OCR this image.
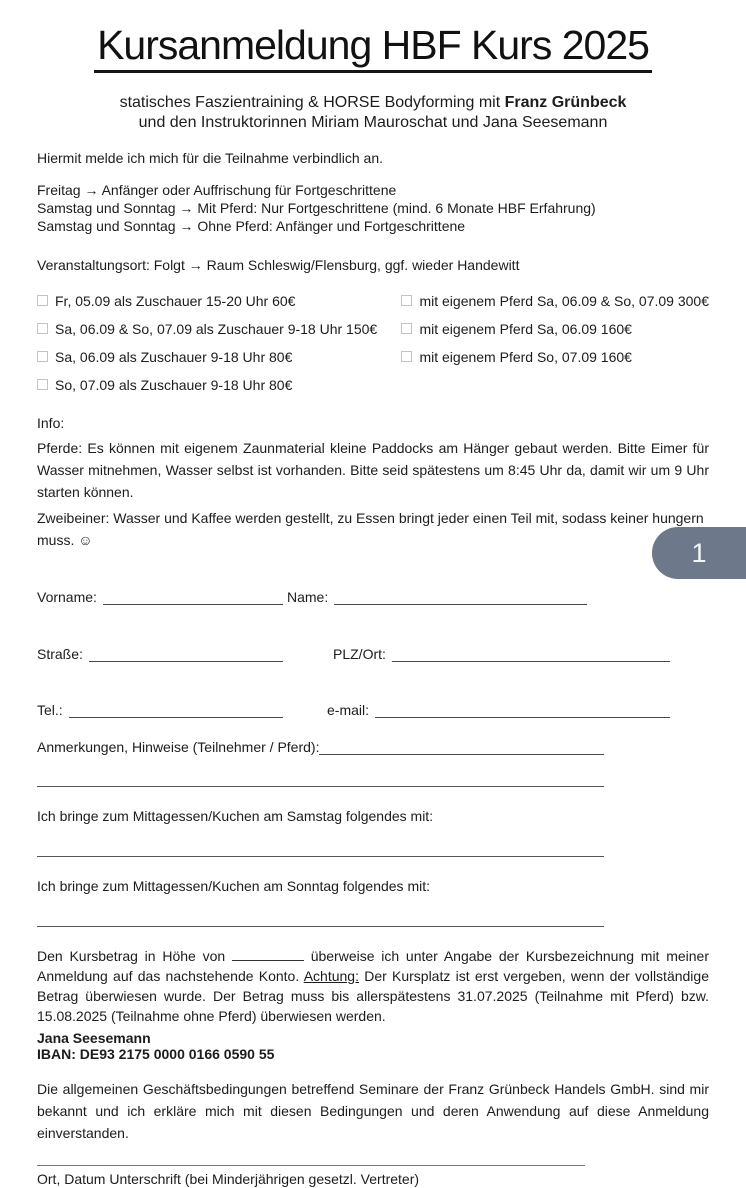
Kursanmeldung HBF Kurs 2025
statisches Faszientraining & HORSE Bodyforming mit Franz Grünbeck
und den Instruktorinnen Miriam Mauroschat und Jana Seesemann
Hiermit melde ich mich für die Teilnahme verbindlich an.
Freitag → Anfänger oder Auffrischung für Fortgeschrittene
Samstag und Sonntag → Mit Pferd: Nur Fortgeschrittene (mind. 6 Monate HBF Erfahrung)
Samstag und Sonntag → Ohne Pferd: Anfänger und Fortgeschrittene
Veranstaltungsort: Folgt → Raum Schleswig/Flensburg, ggf. wieder Handewitt
Fr, 05.09 als Zuschauer 15-20 Uhr 60€
Sa, 06.09 & So, 07.09 als Zuschauer 9-18 Uhr 150€
Sa, 06.09 als Zuschauer 9-18 Uhr 80€
So, 07.09 als Zuschauer 9-18 Uhr 80€
mit eigenem Pferd Sa, 06.09 & So, 07.09 300€
mit eigenem Pferd Sa, 06.09 160€
mit eigenem Pferd So, 07.09 160€
Info:
Pferde: Es können mit eigenem Zaunmaterial kleine Paddocks am Hänger gebaut werden. Bitte Eimer für Wasser mitnehmen, Wasser selbst ist vorhanden. Bitte seid spätestens um 8:45 Uhr da, damit wir um 9 Uhr starten können.
Zweibeiner: Wasser und Kaffee werden gestellt, zu Essen bringt jeder einen Teil mit, sodass keiner hungern muss. ☺
Vorname:	Name:
Straße:	PLZ/Ort:
Tel.:	e-mail:
Anmerkungen, Hinweise (Teilnehmer / Pferd):
Ich bringe zum Mittagessen/Kuchen am Samstag folgendes mit:
Ich bringe zum Mittagessen/Kuchen am Sonntag folgendes mit:
Den Kursbetrag in Höhe von	überweise ich unter Angabe der Kursbezeichnung mit meiner Anmeldung auf das nachstehende Konto. Achtung: Der Kursplatz ist erst vergeben, wenn der vollständige Betrag überwiesen wurde. Der Betrag muss bis allerspätestens 31.07.2025 (Teilnahme mit Pferd) bzw. 15.08.2025 (Teilnahme ohne Pferd) überwiesen werden.
Jana Seesemann
IBAN: DE93 2175 0000 0166 0590 55
Die allgemeinen Geschäftsbedingungen betreffend Seminare der Franz Grünbeck Handels GmbH. sind mir bekannt und ich erkläre mich mit diesen Bedingungen und deren Anwendung auf diese Anmeldung einverstanden.
Ort, Datum Unterschrift (bei Minderjährigen gesetzl. Vertreter)
1
